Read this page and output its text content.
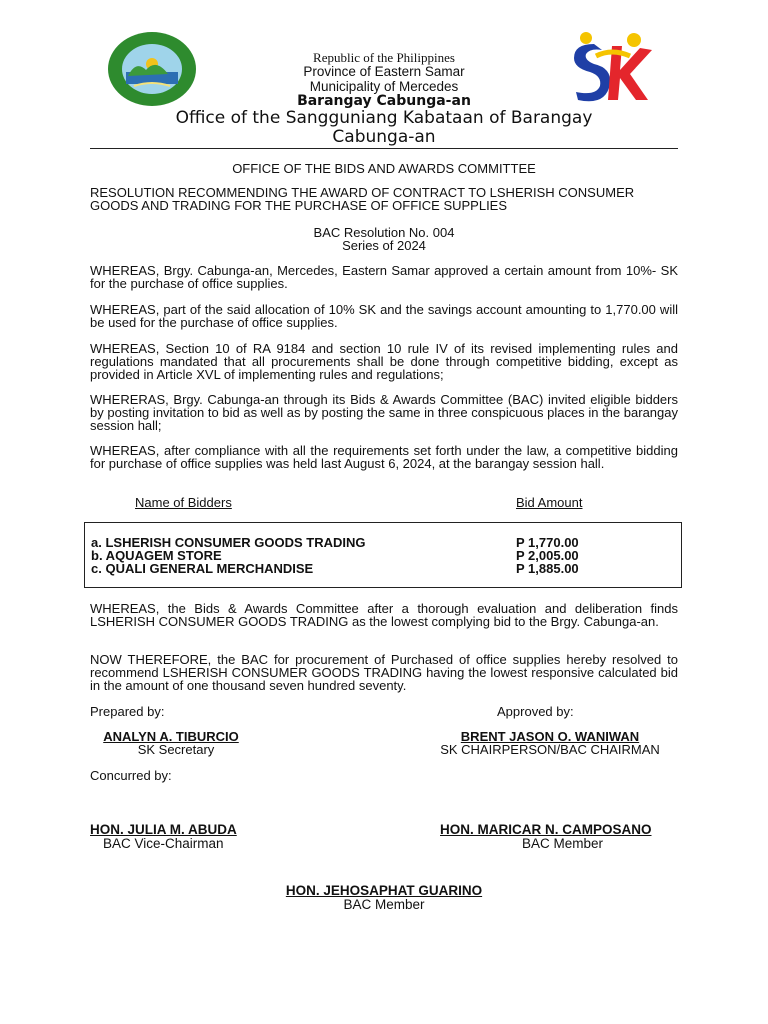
Republic of the Philippines
Province of Eastern Samar
Municipality of Mercedes
Barangay Cabunga-an
Office of the Sangguniang Kabataan of Barangay
Cabunga-an
OFFICE OF THE BIDS AND AWARDS COMMITTEE
RESOLUTION RECOMMENDING THE AWARD OF CONTRACT TO LSHERISH CONSUMER
GOODS AND TRADING FOR THE PURCHASE OF OFFICE SUPPLIES
BAC Resolution No. 004
Series of 2024

WHEREAS, Brgy. Cabunga-an, Mercedes, Eastern Samar approved a certain amount from 10%- SK for the purchase of office supplies.

WHEREAS, part of the said allocation of 10% SK and the savings account amounting to 1,770.00 will be used for the purchase of office supplies.

WHEREAS, Section 10 of RA 9184 and section 10 rule IV of its revised implementing rules and regulations mandated that all procurements shall be done through competitive bidding, except as provided in Article XVL of implementing rules and regulations;

WHERERAS, Brgy. Cabunga-an through its Bids & Awards Committee (BAC) invited eligible bidders by posting invitation to bid as well as by posting the same in three conspicuous places in the barangay session hall;

WHEREAS, after compliance with all the requirements set forth under the law, a competitive bidding for purchase of office supplies was held last August 6, 2024, at the barangay session hall.

Name of Bidders	Bid Amount
a. LSHERISH CONSUMER GOODS TRADING	P 1,770.00
b. AQUAGEM STORE	P 2,005.00
c. QUALI GENERAL MERCHANDISE	P 1,885.00

WHEREAS, the Bids & Awards Committee after a thorough evaluation and deliberation finds LSHERISH CONSUMER GOODS TRADING as the lowest complying bid to the Brgy. Cabunga-an.

NOW THEREFORE, the BAC for procurement of Purchased of office supplies hereby resolved to recommend LSHERISH CONSUMER GOODS TRADING having the lowest responsive calculated bid in the amount of one thousand seven hundred seventy.

Prepared by:	Approved by:
ANALYN A. TIBURCIO
SK Secretary
BRENT JASON O. WANIWAN
SK CHAIRPERSON/BAC CHAIRMAN
Concurred by:
HON. JULIA M. ABUDA
BAC Vice-Chairman
HON. MARICAR N. CAMPOSANO
BAC Member
HON. JEHOSAPHAT GUARINO
BAC Member
